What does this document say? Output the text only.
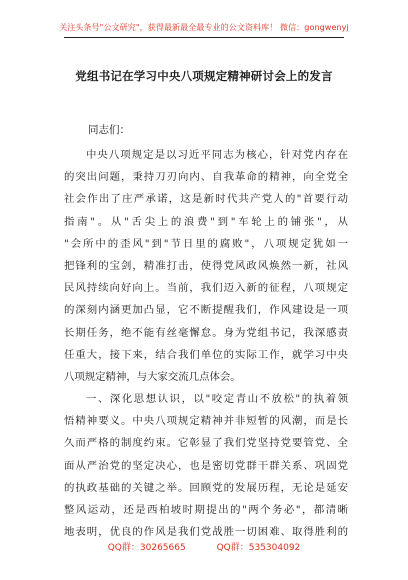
关注头条号"公文研究"，获得最新最全最专业的公文资料库！ 微信：gongwenyj
党组书记在学习中央八项规定精神研讨会上的发言
同志们：
中央八项规定是以习近平同志为核心，针对党内存在
的突出问题，秉持刀刃向内、自我革命的精神，向全党全
社会作出了庄严承诺，这是新时代共产党人的"首要行动
指南"。从"舌尖上的浪费"到"车轮上的铺张"，从
"会所中的歪风"到"节日里的腐败"，八项规定犹如一
把锋利的宝剑，精准打击，使得党风政风焕然一新，社风
民风持续向好向上。当前，我们迈入新的征程，八项规定
的深刻内涵更加凸显，它不断提醒我们，作风建设是一项
长期任务，绝不能有丝毫懈怠。身为党组书记，我深感责
任重大，接下来，结合我们单位的实际工作，就学习中央
八项规定精神，与大家交流几点体会。
一、深化思想认识，以"咬定青山不放松"的执着领
悟精神要义。中央八项规定精神并非短暂的风潮，而是长
久而严格的制度约束。它彰显了我们党坚持党要管党、全
面从严治党的坚定决心，也是密切党群干群关系、巩固党
的执政基础的关键之举。回顾党的发展历程，无论是延安
整风运动，还是西柏坡时期提出的"两个务必"，都清晰
地表明，优良的作风是我们党战胜一切困难、取得胜利的
QQ群：30265665	QQ群：535304092
